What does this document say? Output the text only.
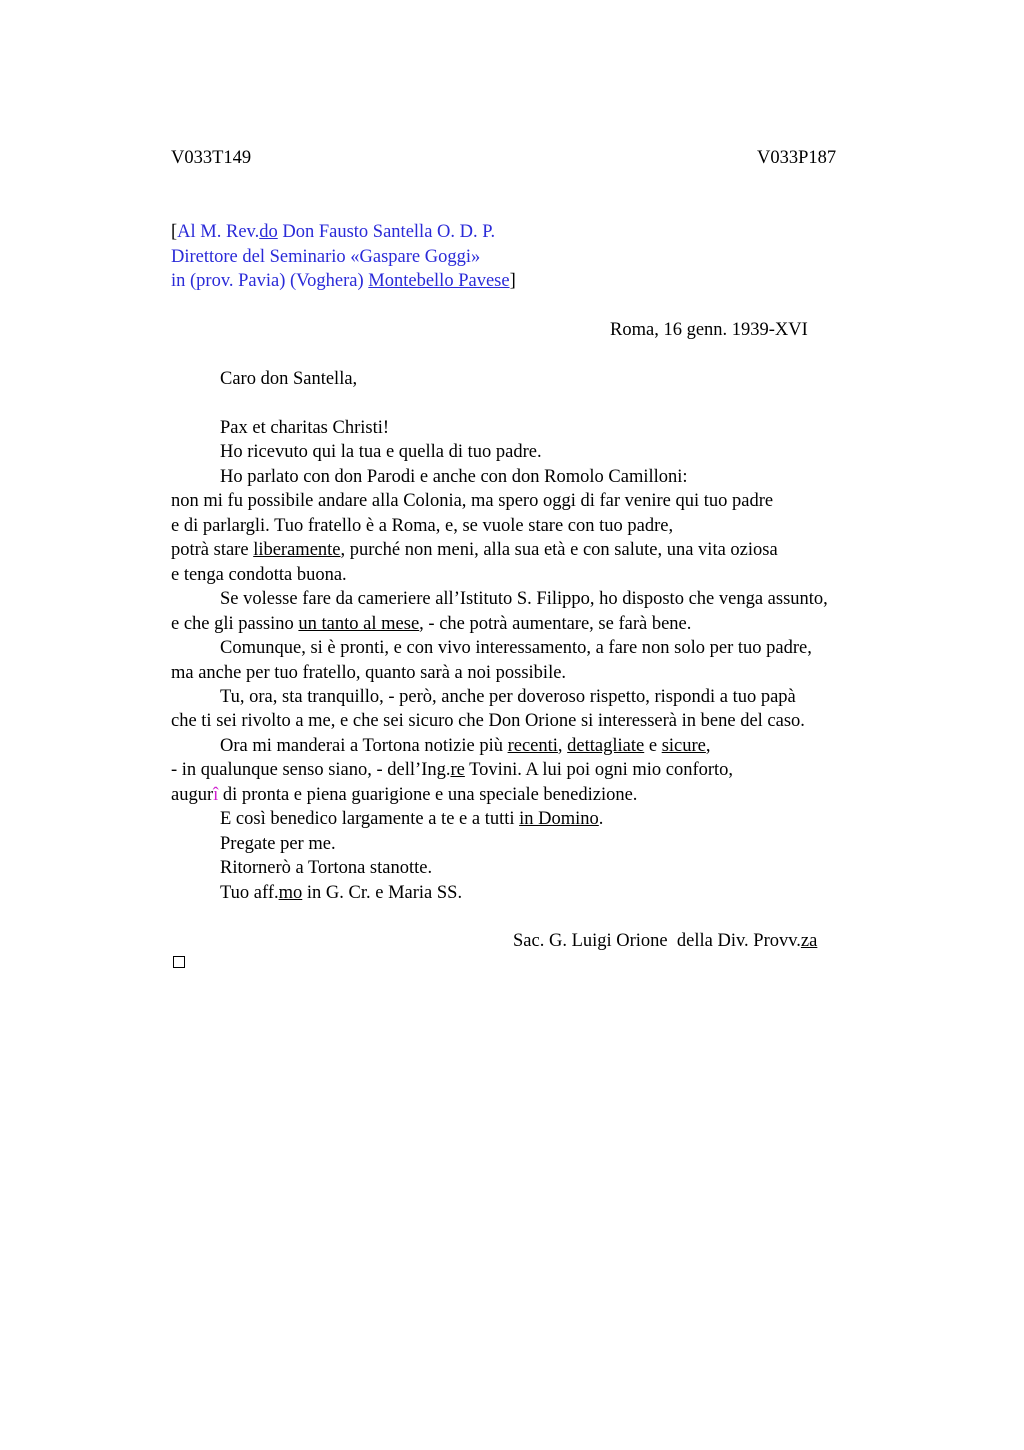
V033T149	V033P187
[Al M. Rev.do Don Fausto Santella O. D. P.
Direttore del Seminario «Gaspare Goggi»
in (prov. Pavia) (Voghera) Montebello Pavese]
Roma, 16 genn. 1939-XVI
Caro don Santella,
Pax et charitas Christi!
Ho ricevuto qui la tua e quella di tuo padre.
Ho parlato con don Parodi e anche con don Romolo Camilloni:
non mi fu possibile andare alla Colonia, ma spero oggi di far venire qui tuo padre
e di parlargli. Tuo fratello è a Roma, e, se vuole stare con tuo padre,
potrà stare liberamente, purché non meni, alla sua età e con salute, una vita oziosa
e tenga condotta buona.
Se volesse fare da cameriere all’Istituto S. Filippo, ho disposto che venga assunto,
e che gli passino un tanto al mese, - che potrà aumentare, se farà bene.
Comunque, si è pronti, e con vivo interessamento, a fare non solo per tuo padre,
ma anche per tuo fratello, quanto sarà a noi possibile.
Tu, ora, sta tranquillo, - però, anche per doveroso rispetto, rispondi a tuo papà
che ti sei rivolto a me, e che sei sicuro che Don Orione si interesserà in bene del caso.
Ora mi manderai a Tortona notizie più recenti, dettagliate e sicure,
- in qualunque senso siano, - dell’Ing.re Tovini. A lui poi ogni mio conforto,
augurî di pronta e piena guarigione e una speciale benedizione.
E così benedico largamente a te e a tutti in Domino.
Pregate per me.
Ritornerò a Tortona stanotte.
Tuo aff.mo in G. Cr. e Maria SS.
Sac. G. Luigi Orione  della Div. Provv.za
